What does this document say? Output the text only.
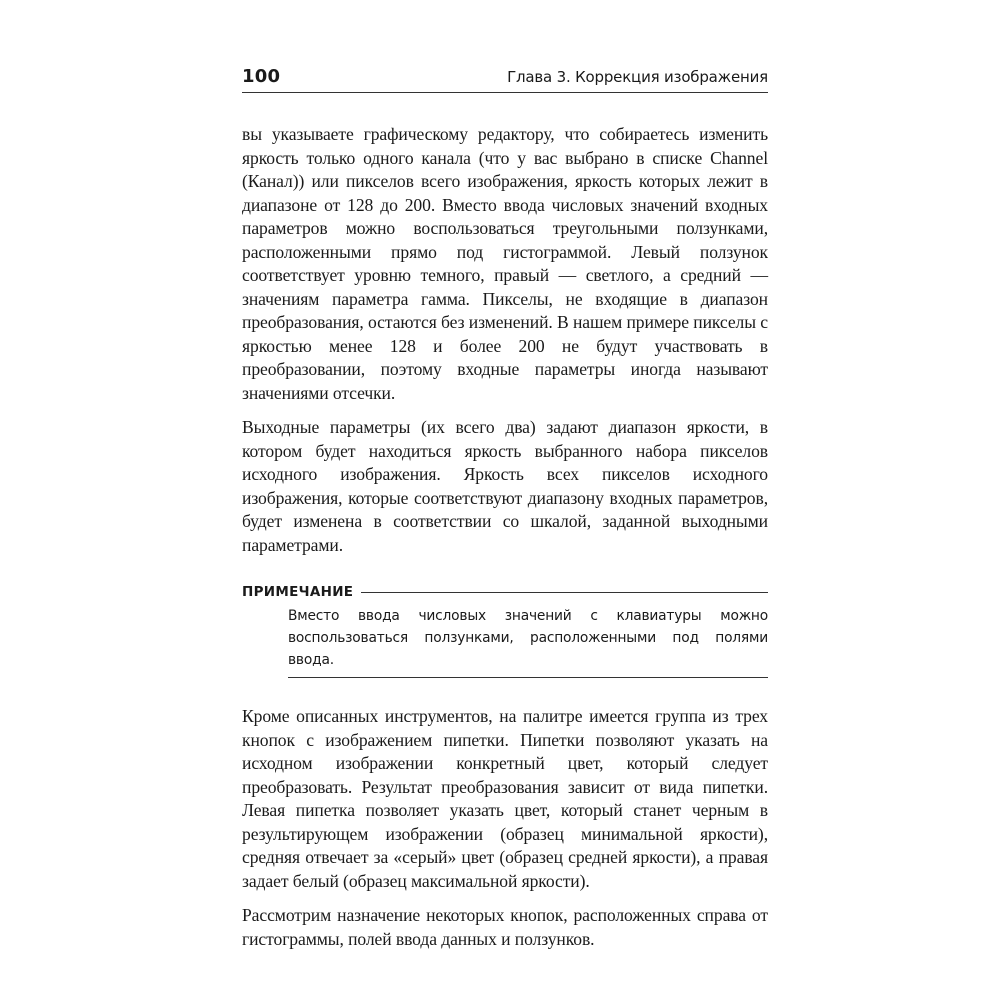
100	Глава 3. Коррекция изображения

вы указываете графическому редактору, что собираетесь изменить яркость только одного канала (что у вас выбрано в списке Channel (Канал)) или пикселов всего изображения, яркость которых лежит в диапазоне от 128 до 200. Вместо ввода числовых значений входных параметров можно воспользоваться треугольными ползунками, расположенными прямо под гистограммой. Левый ползунок соответствует уровню темного, правый — светлого, а средний — значениям параметра гамма. Пикселы, не входящие в диапазон преобразования, остаются без изменений. В нашем примере пикселы с яркостью менее 128 и более 200 не будут участвовать в преобразовании, поэтому входные параметры иногда называют значениями отсечки.

Выходные параметры (их всего два) задают диапазон яркости, в котором будет находиться яркость выбранного набора пикселов исходного изображения. Яркость всех пикселов исходного изображения, которые соответствуют диапазону входных параметров, будет изменена в соответствии со шкалой, заданной выходными параметрами.

ПРИМЕЧАНИЕ

Вместо ввода числовых значений с клавиатуры можно воспользоваться ползунками, расположенными под полями ввода.

Кроме описанных инструментов, на палитре имеется группа из трех кнопок с изображением пипетки. Пипетки позволяют указать на исходном изображении конкретный цвет, который следует преобразовать. Результат преобразования зависит от вида пипетки. Левая пипетка позволяет указать цвет, который станет черным в результирующем изображении (образец минимальной яркости), средняя отвечает за «серый» цвет (образец средней яркости), а правая задает белый (образец максимальной яркости).

Рассмотрим назначение некоторых кнопок, расположенных справа от гистограммы, полей ввода данных и ползунков.
